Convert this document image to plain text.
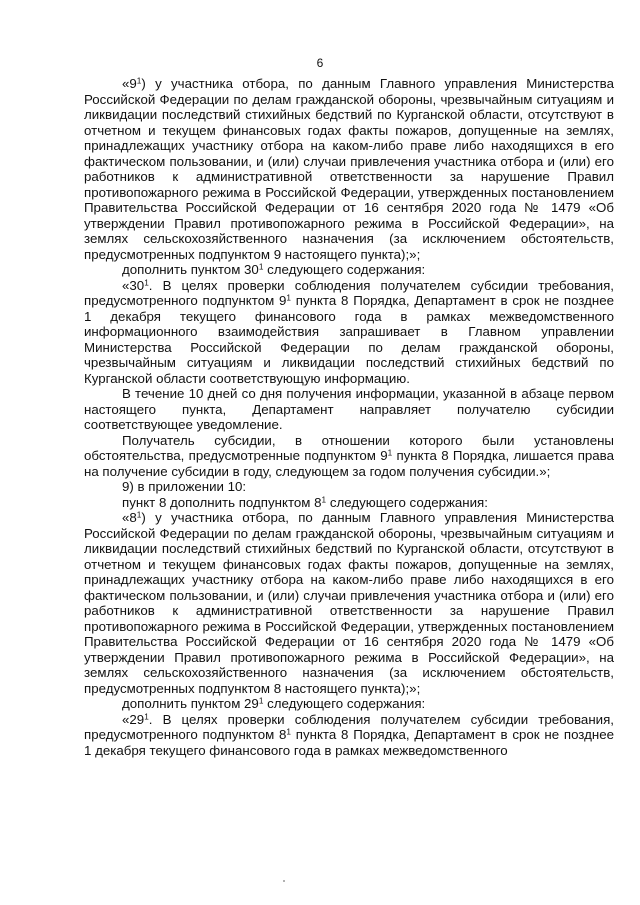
6

«$9^1$) у участника отбора, по данным Главного управления Министерства Российской Федерации по делам гражданской обороны, чрезвычайным ситуациям и ликвидации последствий стихийных бедствий по Курганской области, отсутствуют в отчетном и текущем финансовых годах факты пожаров, допущенные на землях, принадлежащих участнику отбора на каком-либо праве либо находящихся в его фактическом пользовании, и (или) случаи привлечения участника отбора и (или) его работников к административной ответственности за нарушение Правил противопожарного режима в Российской Федерации, утвержденных постановлением Правительства Российской Федерации от 16 сентября 2020 года № 1479 «Об утверждении Правил противопожарного режима в Российской Федерации», на землях сельскохозяйственного назначения (за исключением обстоятельств, предусмотренных подпунктом 9 настоящего пункта);»;

дополнить пунктом $30^1$ следующего содержания:

«$30^1$. В целях проверки соблюдения получателем субсидии требования, предусмотренного подпунктом $9^1$ пункта 8 Порядка, Департамент в срок не позднее 1 декабря текущего финансового года в рамках межведомственного информационного взаимодействия запрашивает в Главном управлении Министерства Российской Федерации по делам гражданской обороны, чрезвычайным ситуациям и ликвидации последствий стихийных бедствий по Курганской области соответствующую информацию.

В течение 10 дней со дня получения информации, указанной в абзаце первом настоящего пункта, Департамент направляет получателю субсидии соответствующее уведомление.

Получатель субсидии, в отношении которого были установлены обстоятельства, предусмотренные подпунктом $9^1$ пункта 8 Порядка, лишается права на получение субсидии в году, следующем за годом получения субсидии.»;

9) в приложении 10:

пункт 8 дополнить подпунктом $8^1$ следующего содержания:

«$8^1$) у участника отбора, по данным Главного управления Министерства Российской Федерации по делам гражданской обороны, чрезвычайным ситуациям и ликвидации последствий стихийных бедствий по Курганской области, отсутствуют в отчетном и текущем финансовых годах факты пожаров, допущенные на землях, принадлежащих участнику отбора на каком-либо праве либо находящихся в его фактическом пользовании, и (или) случаи привлечения участника отбора и (или) его работников к административной ответственности за нарушение Правил противопожарного режима в Российской Федерации, утвержденных постановлением Правительства Российской Федерации от 16 сентября 2020 года № 1479 «Об утверждении Правил противопожарного режима в Российской Федерации», на землях сельскохозяйственного назначения (за исключением обстоятельств, предусмотренных подпунктом 8 настоящего пункта);»;

дополнить пунктом $29^1$ следующего содержания:

«$29^1$. В целях проверки соблюдения получателем субсидии требования, предусмотренного подпунктом $8^1$ пункта 8 Порядка, Департамент в срок не позднее 1 декабря текущего финансового года в рамках межведомственного
